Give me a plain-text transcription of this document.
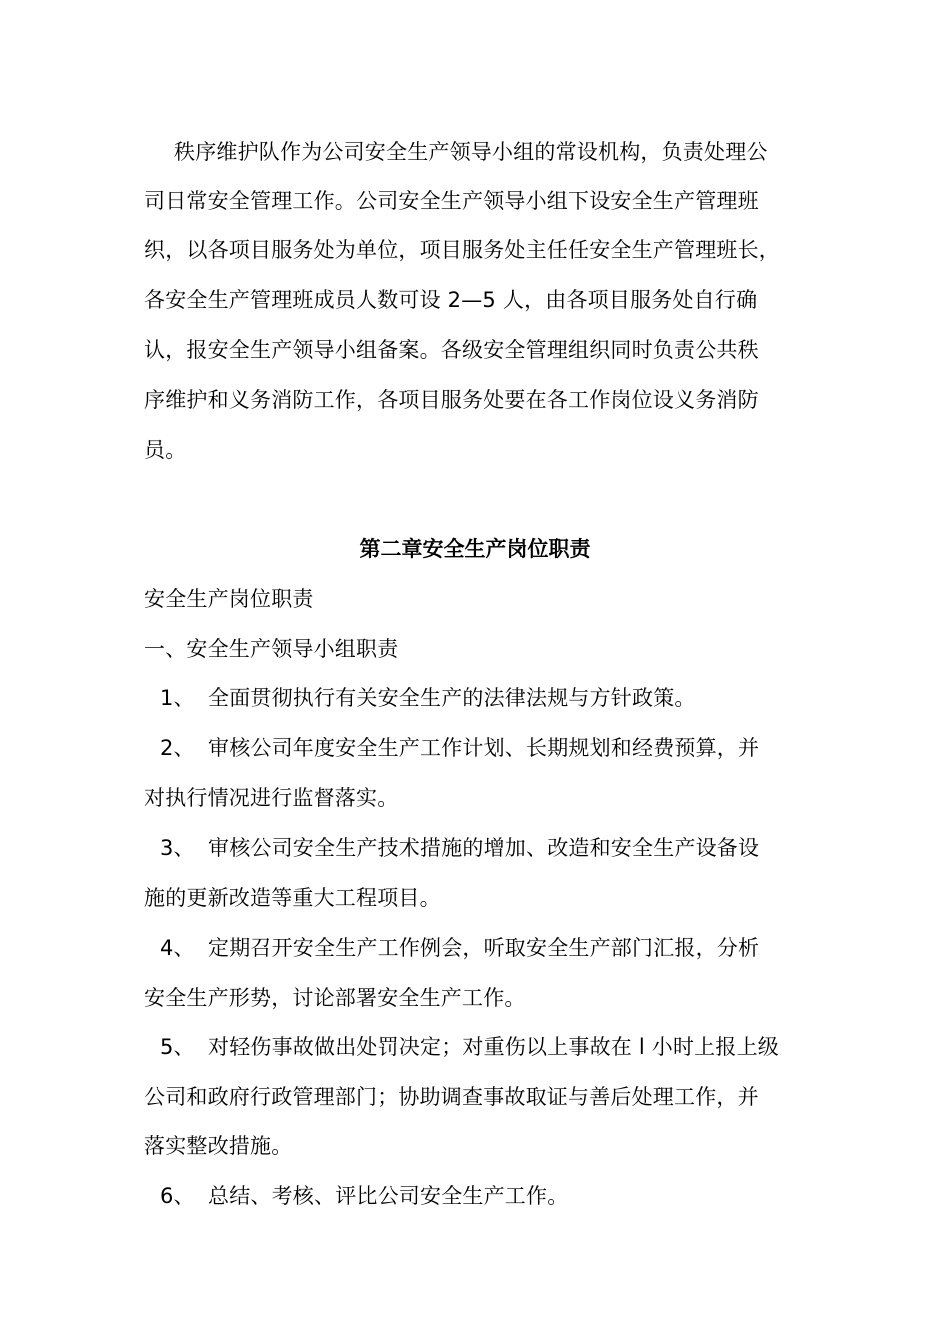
秩序维护队作为公司安全生产领导小组的常设机构，负责处理公
司日常安全管理工作。公司安全生产领导小组下设安全生产管理班
织，以各项目服务处为单位，项目服务处主任任安全生产管理班长，
各安全生产管理班成员人数可设 2—5 人，由各项目服务处自行确
认，报安全生产领导小组备案。各级安全管理组织同时负责公共秩
序维护和义务消防工作，各项目服务处要在各工作岗位设义务消防
员。
第二章安全生产岗位职责
安全生产岗位职责
一、安全生产领导小组职责
1、 全面贯彻执行有关安全生产的法律法规与方针政策。
2、 审核公司年度安全生产工作计划、长期规划和经费预算，并
对执行情况进行监督落实。
3、 审核公司安全生产技术措施的增加、改造和安全生产设备设
施的更新改造等重大工程项目。
4、 定期召开安全生产工作例会，听取安全生产部门汇报，分析
安全生产形势，讨论部署安全生产工作。
5、 对轻伤事故做出处罚决定；对重伤以上事故在 l 小时上报上级
公司和政府行政管理部门；协助调查事故取证与善后处理工作，并
落实整改措施。
6、 总结、考核、评比公司安全生产工作。
